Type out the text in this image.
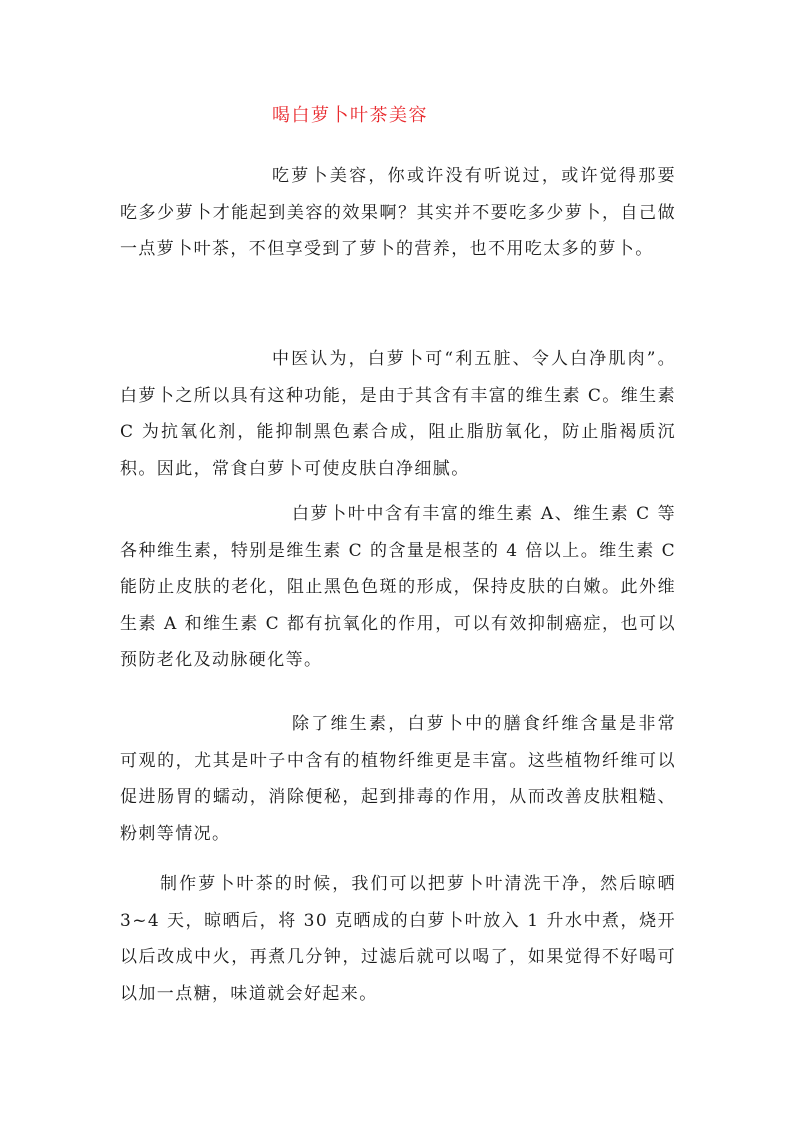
喝白萝卜叶茶美容

吃萝卜美容，你或许没有听说过，或许觉得那要吃多少萝卜才能起到美容的效果啊？其实并不要吃多少萝卜，自己做一点萝卜叶茶，不但享受到了萝卜的营养，也不用吃太多的萝卜。

中医认为，白萝卜可“利五脏、令人白净肌肉”。白萝卜之所以具有这种功能，是由于其含有丰富的维生素 C。维生素 C 为抗氧化剂，能抑制黑色素合成，阻止脂肪氧化，防止脂褐质沉积。因此，常食白萝卜可使皮肤白净细腻。

白萝卜叶中含有丰富的维生素 A、维生素 C 等各种维生素，特别是维生素 C 的含量是根茎的 4 倍以上。维生素 C 能防止皮肤的老化，阻止黑色色斑的形成，保持皮肤的白嫩。此外维生素 A 和维生素 C 都有抗氧化的作用，可以有效抑制癌症，也可以预防老化及动脉硬化等。

除了维生素，白萝卜中的膳食纤维含量是非常可观的，尤其是叶子中含有的植物纤维更是丰富。这些植物纤维可以促进肠胃的蠕动，消除便秘，起到排毒的作用，从而改善皮肤粗糙、粉刺等情况。

制作萝卜叶茶的时候，我们可以把萝卜叶清洗干净，然后晾晒 3~4 天，晾晒后，将 30 克晒成的白萝卜叶放入 1 升水中煮，烧开以后改成中火，再煮几分钟，过滤后就可以喝了，如果觉得不好喝可以加一点糖，味道就会好起来。
